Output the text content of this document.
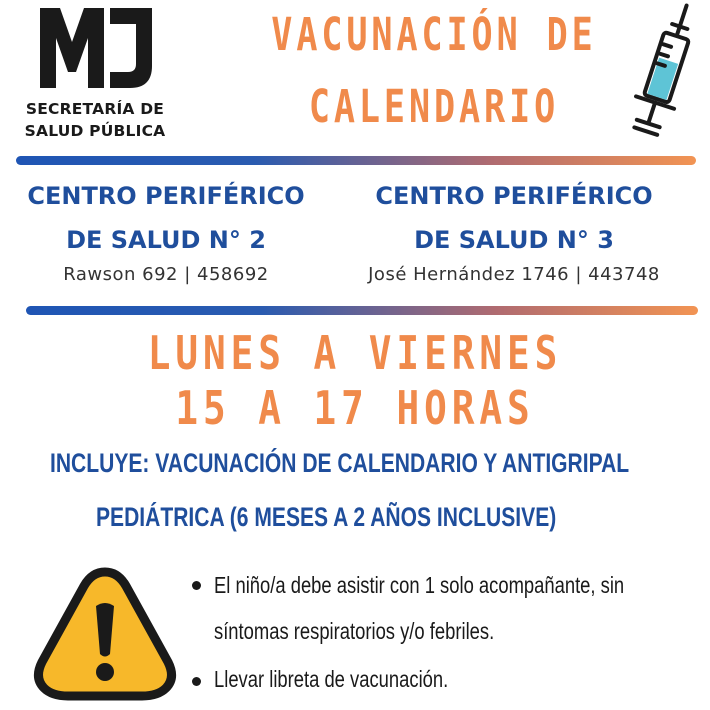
SECRETARÍA DE
SALUD PÚBLICA
VACUNACIÓN DE
CALENDARIO
CENTRO PERIFÉRICO
DE SALUD N° 2
Rawson 692 | 458692
CENTRO PERIFÉRICO
DE SALUD N° 3
José Hernández 1746 | 443748
LUNES A VIERNES
15 A 17 HORAS
INCLUYE: VACUNACIÓN DE CALENDARIO Y ANTIGRIPAL
PEDIÁTRICA (6 MESES A 2 AÑOS INCLUSIVE)
El niño/a debe asistir con 1 solo acompañante, sin
síntomas respiratorios y/o febriles.
Llevar libreta de vacunación.
